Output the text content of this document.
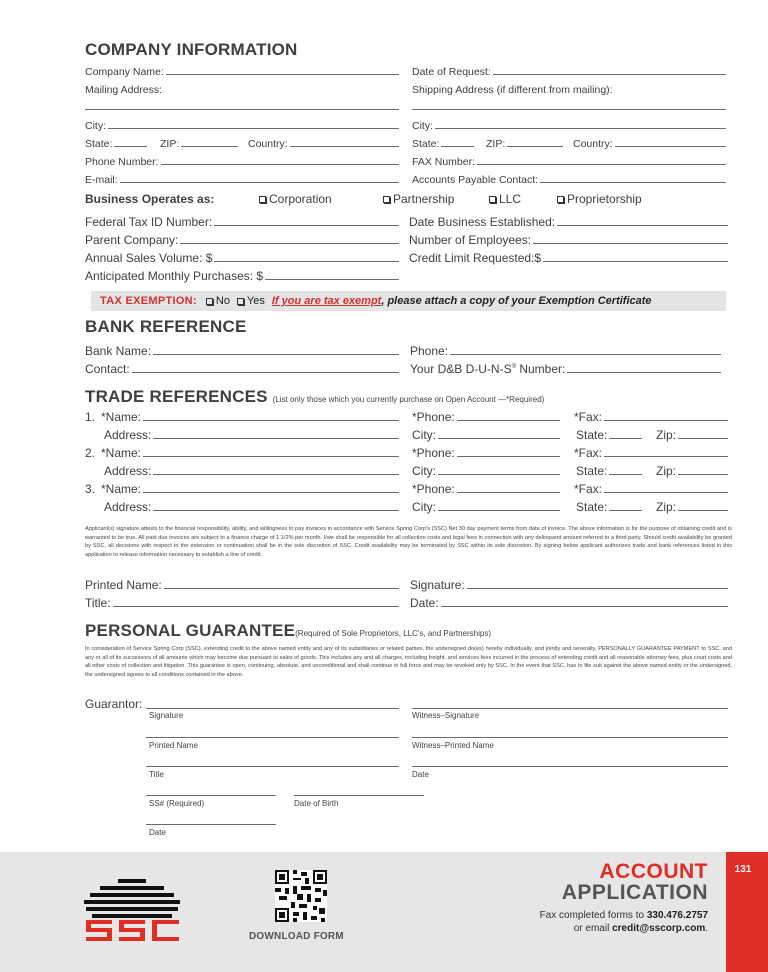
COMPANY INFORMATION
Company Name:	Date of Request:
Mailing Address:	Shipping Address (if different from mailing):
City:	City:
State:	ZIP:	Country:	State:	ZIP:	Country:
Phone Number:	FAX Number:
E-mail:	Accounts Payable Contact:
Business Operates as:	Corporation	Partnership	LLC	Proprietorship
Federal Tax ID Number:	Date Business Established:
Parent Company:	Number of Employees:
Annual Sales Volume: $	Credit Limit Requested:$
Anticipated Monthly Purchases: $
TAX EXEMPTION: No Yes If you are tax exempt , please attach a copy of your Exemption Certificate
BANK REFERENCE
Bank Name:	Phone:
Contact:	Your D&B D-U-N-S® Number:
TRADE REFERENCES (List only those which you currently purchase on Open Account —*Required)
1. *Name:	*Phone:	*Fax:
Address:	City:	State:	Zip:
2. *Name:	*Phone:	*Fax:
Address:	City:	State:	Zip:
3. *Name:	*Phone:	*Fax:
Address:	City:	State:	Zip:
Applicant(s) signature attests to the financial responsibility, ability, and willingness to pay invoices in accordance with Service Spring Corp's (SSC) Net 30 day payment terms from date of invoice. The above information is for the purpose of obtaining credit and is warranted to be true. All past due invoices are subject to a finance charge of 1 1/2% per month. I/we shall be responsible for all collection costs and legal fees in connection with any delinquent amount referred to a third party. Should credit availability be granted by SSC, all decisions with respect to the extension or continuation shall be in the sole discretion of SSC. Credit availability may be terminated by SSC within its sole discretion. By signing below applicant authorizes trade and bank references listed in this application to release information necessary to establish a line of credit.
Printed Name:	Signature:
Title:	Date:
PERSONAL GUARANTEE(Required of Sole Proprietors, LLC's, and Partnerships)
In consideration of Service Spring Corp (SSC), extending credit to the above named entity and any of its subsidiaries or related parties, the undersigned do(es) hereby individually, and jointly and severally, PERSONALLY GUARANTEE PAYMENT to SSC, and any or all of its successors of all amounts which may become due pursuant to sales of goods. This includes any and all charges, including freight, and services fees incurred in the process of extending credit and all reasonable attorney fees, plus court costs and all other costs of collection and litigation. This guarantee is open, continuing, absolute, and unconditional and shall continue in full force and may be revoked only by SSC. In the event that SSC, has to file suit against the above named entity or the undersigned, the undersigned agrees to all conditions contained in the above.
Guarantor:
Signature	Witness–Signature
Printed Name	Witness–Printed Name
Title	Date
SS# (Required)	Date of Birth
Date
131
DOWNLOAD FORM
ACCOUNT
APPLICATION
Fax completed forms to 330.476.2757
or email credit@sscorp.com.
